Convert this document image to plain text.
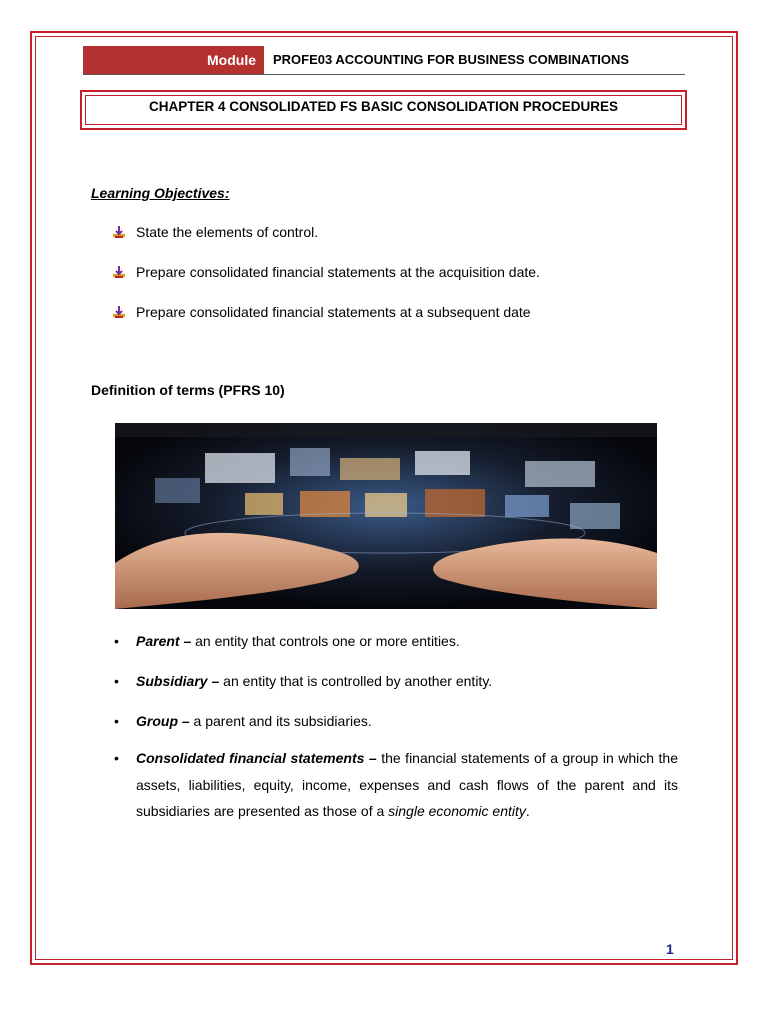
Module	PROFE03 ACCOUNTING FOR BUSINESS COMBINATIONS
CHAPTER 4 CONSOLIDATED FS BASIC CONSOLIDATION PROCEDURES
Learning Objectives:
State the elements of control.
Prepare consolidated financial statements at the acquisition date.
Prepare consolidated financial statements at a subsequent date
Definition of terms (PFRS 10)
• Parent – an entity that controls one or more entities.
• Subsidiary – an entity that is controlled by another entity.
• Group – a parent and its subsidiaries.
• Consolidated financial statements – the financial statements of a group in which the assets, liabilities, equity, income, expenses and cash flows of the parent and its subsidiaries are presented as those of a single economic entity.
1
